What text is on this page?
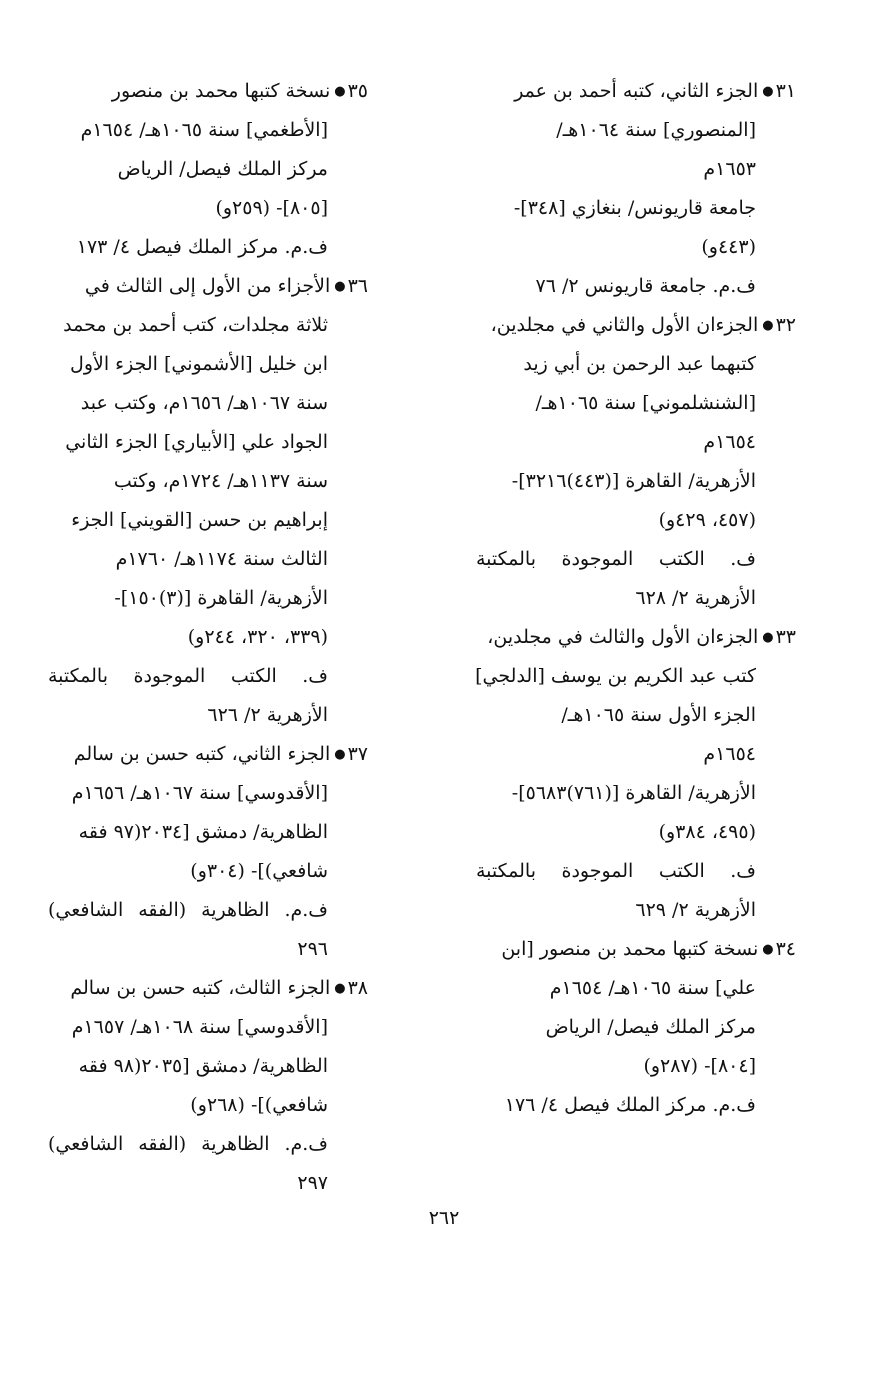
٣١ ●
الجزء الثاني، كتبه أحمد بن عمر
[المنصوري] سنة ١٠٦٤هـ/
١٦٥٣م
جامعة قاريونس/ بنغازي [٣٤٨]-
(٤٤٣و)
ف.م. جامعة قاريونس ٢/ ٧٦
٣٢ ●
الجزءان الأول والثاني في مجلدين،
كتبهما عبد الرحمن بن أبي زيد
[الشنشلموني] سنة ١٠٦٥هـ/
١٦٥٤م
الأزهرية/ القاهرة [(٤٤٣)٣٢١٦]-
(٤٥٧، ٤٢٩و)
ف. الكتب الموجودة بالمكتبة الأزهرية ٢/ ٦٢٨
٣٣ ●
الجزءان الأول والثالث في مجلدين،
كتب عبد الكريم بن يوسف [الدلجي]
الجزء الأول سنة ١٠٦٥هـ/
١٦٥٤م
الأزهرية/ القاهرة [(٧٦١)٥٦٨٣]-
(٤٩٥، ٣٨٤و)
ف. الكتب الموجودة بالمكتبة الأزهرية ٢/ ٦٢٩
٣٤ ●
نسخة كتبها محمد بن منصور [ابن
علي] سنة ١٠٦٥هـ/ ١٦٥٤م
مركز الملك فيصل/ الرياض
[٨٠٤]- (٢٨٧و)
ف.م. مركز الملك فيصل ٤/ ١٧٦
٣٥ ●
نسخة كتبها محمد بن منصور
[الأطغمي] سنة ١٠٦٥هـ/ ١٦٥٤م
مركز الملك فيصل/ الرياض
[٨٠٥]- (٢٥٩و)
ف.م. مركز الملك فيصل ٤/ ١٧٣
٣٦ ●
الأجزاء من الأول إلى الثالث في
ثلاثة مجلدات، كتب أحمد بن محمد
ابن خليل [الأشموني] الجزء الأول
سنة ١٠٦٧هـ/ ١٦٥٦م، وكتب عبد
الجواد علي [الأبياري] الجزء الثاني
سنة ١١٣٧هـ/ ١٧٢٤م، وكتب
إبراهيم بن حسن [القويني] الجزء
الثالث سنة ١١٧٤هـ/ ١٧٦٠م
الأزهرية/ القاهرة [(٣)١٥٠]-
(٣٣٩، ٣٢٠، ٢٤٤و)
ف. الكتب الموجودة بالمكتبة الأزهرية ٢/ ٦٢٦
٣٧ ●
الجزء الثاني، كتبه حسن بن سالم
[الأقدوسي] سنة ١٠٦٧هـ/ ١٦٥٦م
الظاهرية/ دمشق [٢٠٣٤(٩٧ فقه
شافعي)]- (٣٠٤و)
ف.م. الظاهرية (الفقه الشافعي) ٢٩٦
٣٨ ●
الجزء الثالث، كتبه حسن بن سالم
[الأقدوسي] سنة ١٠٦٨هـ/ ١٦٥٧م
الظاهرية/ دمشق [٢٠٣٥(٩٨ فقه
شافعي)]- (٢٦٨و)
ف.م. الظاهرية (الفقه الشافعي) ٢٩٧
٢٦٢
